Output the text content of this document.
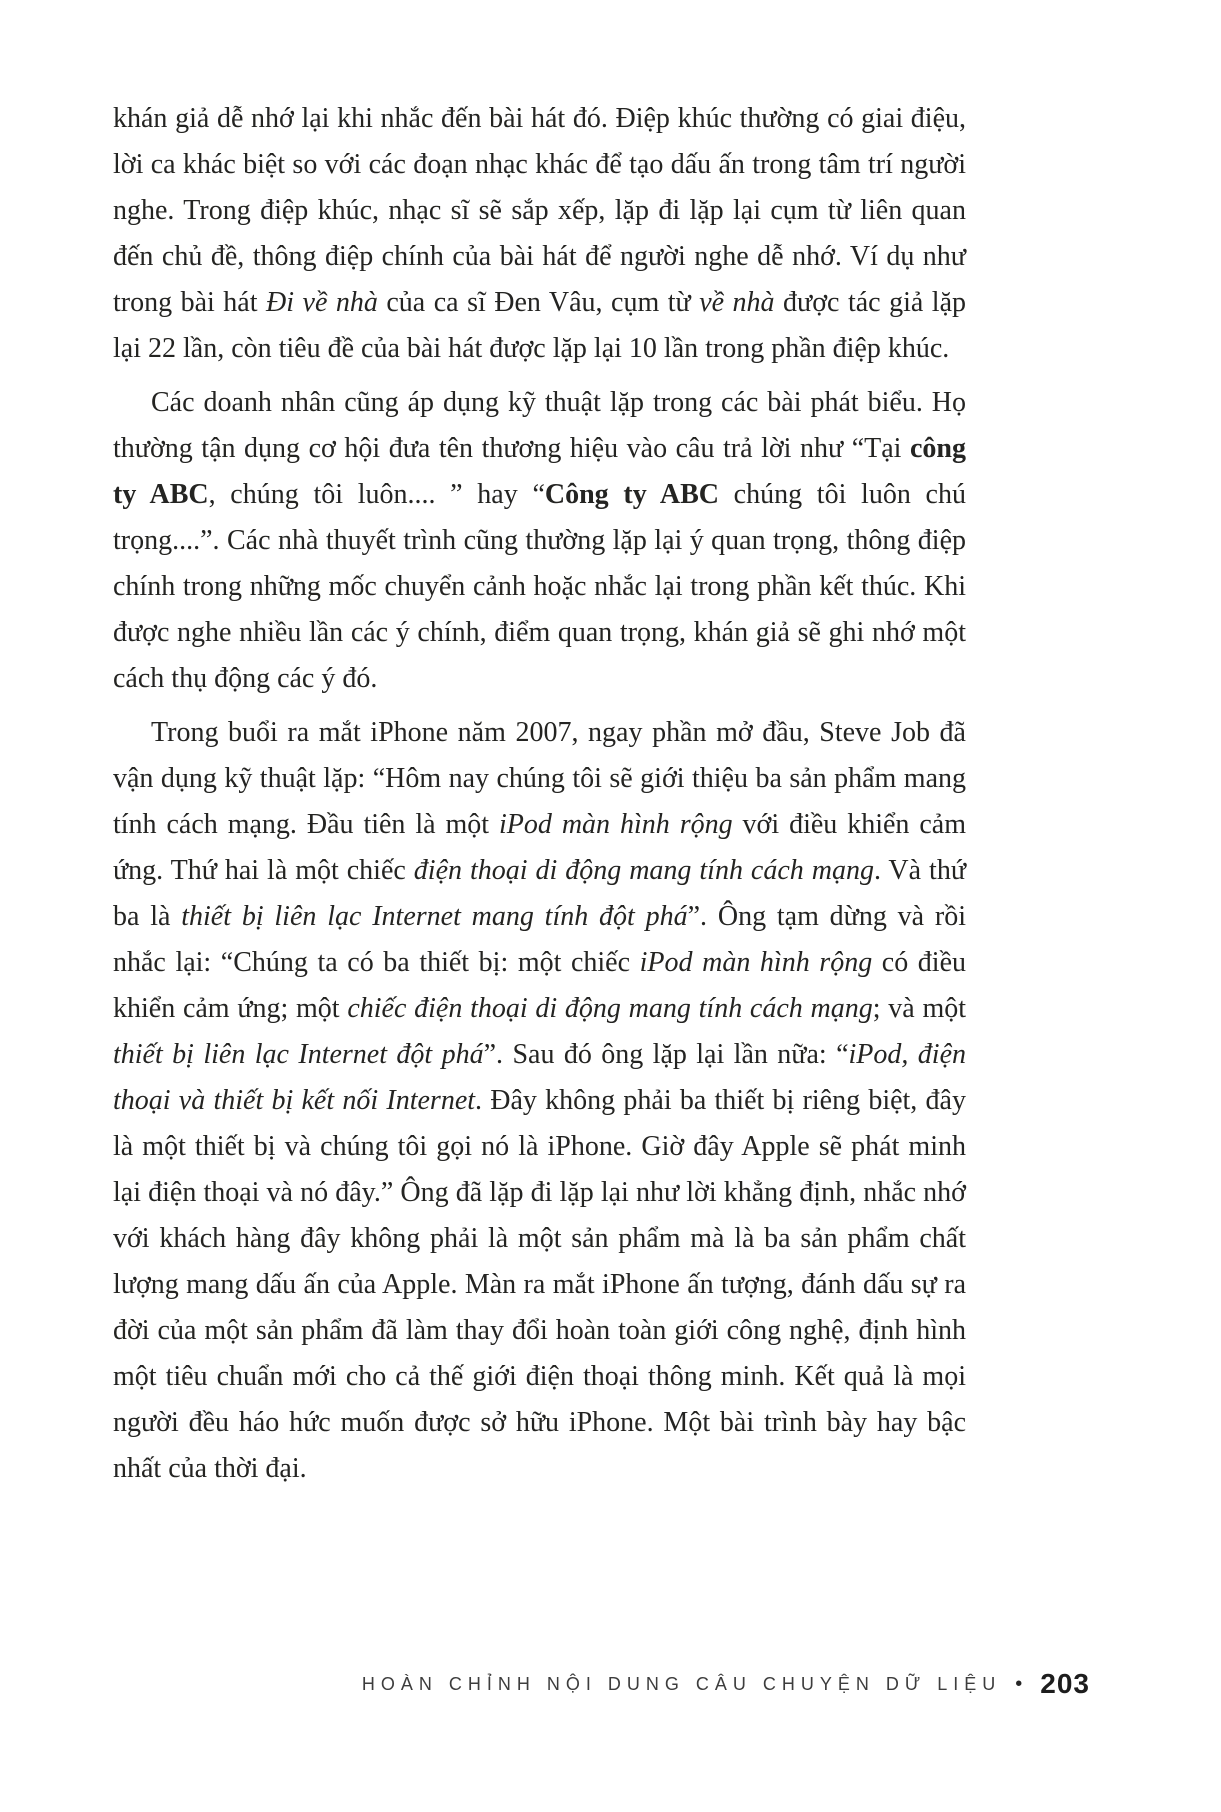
khán giả dễ nhớ lại khi nhắc đến bài hát đó. Điệp khúc thường có giai điệu, lời ca khác biệt so với các đoạn nhạc khác để tạo dấu ấn trong tâm trí người nghe. Trong điệp khúc, nhạc sĩ sẽ sắp xếp, lặp đi lặp lại cụm từ liên quan đến chủ đề, thông điệp chính của bài hát để người nghe dễ nhớ. Ví dụ như trong bài hát Đi về nhà của ca sĩ Đen Vâu, cụm từ về nhà được tác giả lặp lại 22 lần, còn tiêu đề của bài hát được lặp lại 10 lần trong phần điệp khúc.

Các doanh nhân cũng áp dụng kỹ thuật lặp trong các bài phát biểu. Họ thường tận dụng cơ hội đưa tên thương hiệu vào câu trả lời như “Tại công ty ABC, chúng tôi luôn.... ” hay “Công ty ABC chúng tôi luôn chú trọng....”. Các nhà thuyết trình cũng thường lặp lại ý quan trọng, thông điệp chính trong những mốc chuyển cảnh hoặc nhắc lại trong phần kết thúc. Khi được nghe nhiều lần các ý chính, điểm quan trọng, khán giả sẽ ghi nhớ một cách thụ động các ý đó.

Trong buổi ra mắt iPhone năm 2007, ngay phần mở đầu, Steve Job đã vận dụng kỹ thuật lặp: “Hôm nay chúng tôi sẽ giới thiệu ba sản phẩm mang tính cách mạng. Đầu tiên là một iPod màn hình rộng với điều khiển cảm ứng. Thứ hai là một chiếc điện thoại di động mang tính cách mạng. Và thứ ba là thiết bị liên lạc Internet mang tính đột phá”. Ông tạm dừng và rồi nhắc lại: “Chúng ta có ba thiết bị: một chiếc iPod màn hình rộng có điều khiển cảm ứng; một chiếc điện thoại di động mang tính cách mạng; và một thiết bị liên lạc Internet đột phá”. Sau đó ông lặp lại lần nữa: “iPod, điện thoại và thiết bị kết nối Internet. Đây không phải ba thiết bị riêng biệt, đây là một thiết bị và chúng tôi gọi nó là iPhone. Giờ đây Apple sẽ phát minh lại điện thoại và nó đây.” Ông đã lặp đi lặp lại như lời khẳng định, nhắc nhớ với khách hàng đây không phải là một sản phẩm mà là ba sản phẩm chất lượng mang dấu ấn của Apple. Màn ra mắt iPhone ấn tượng, đánh dấu sự ra đời của một sản phẩm đã làm thay đổi hoàn toàn giới công nghệ, định hình một tiêu chuẩn mới cho cả thế giới điện thoại thông minh. Kết quả là mọi người đều háo hức muốn được sở hữu iPhone. Một bài trình bày hay bậc nhất của thời đại.

HOÀN CHỈNH NỘI DUNG CÂU CHUYỆN DỮ LIỆU • 203
